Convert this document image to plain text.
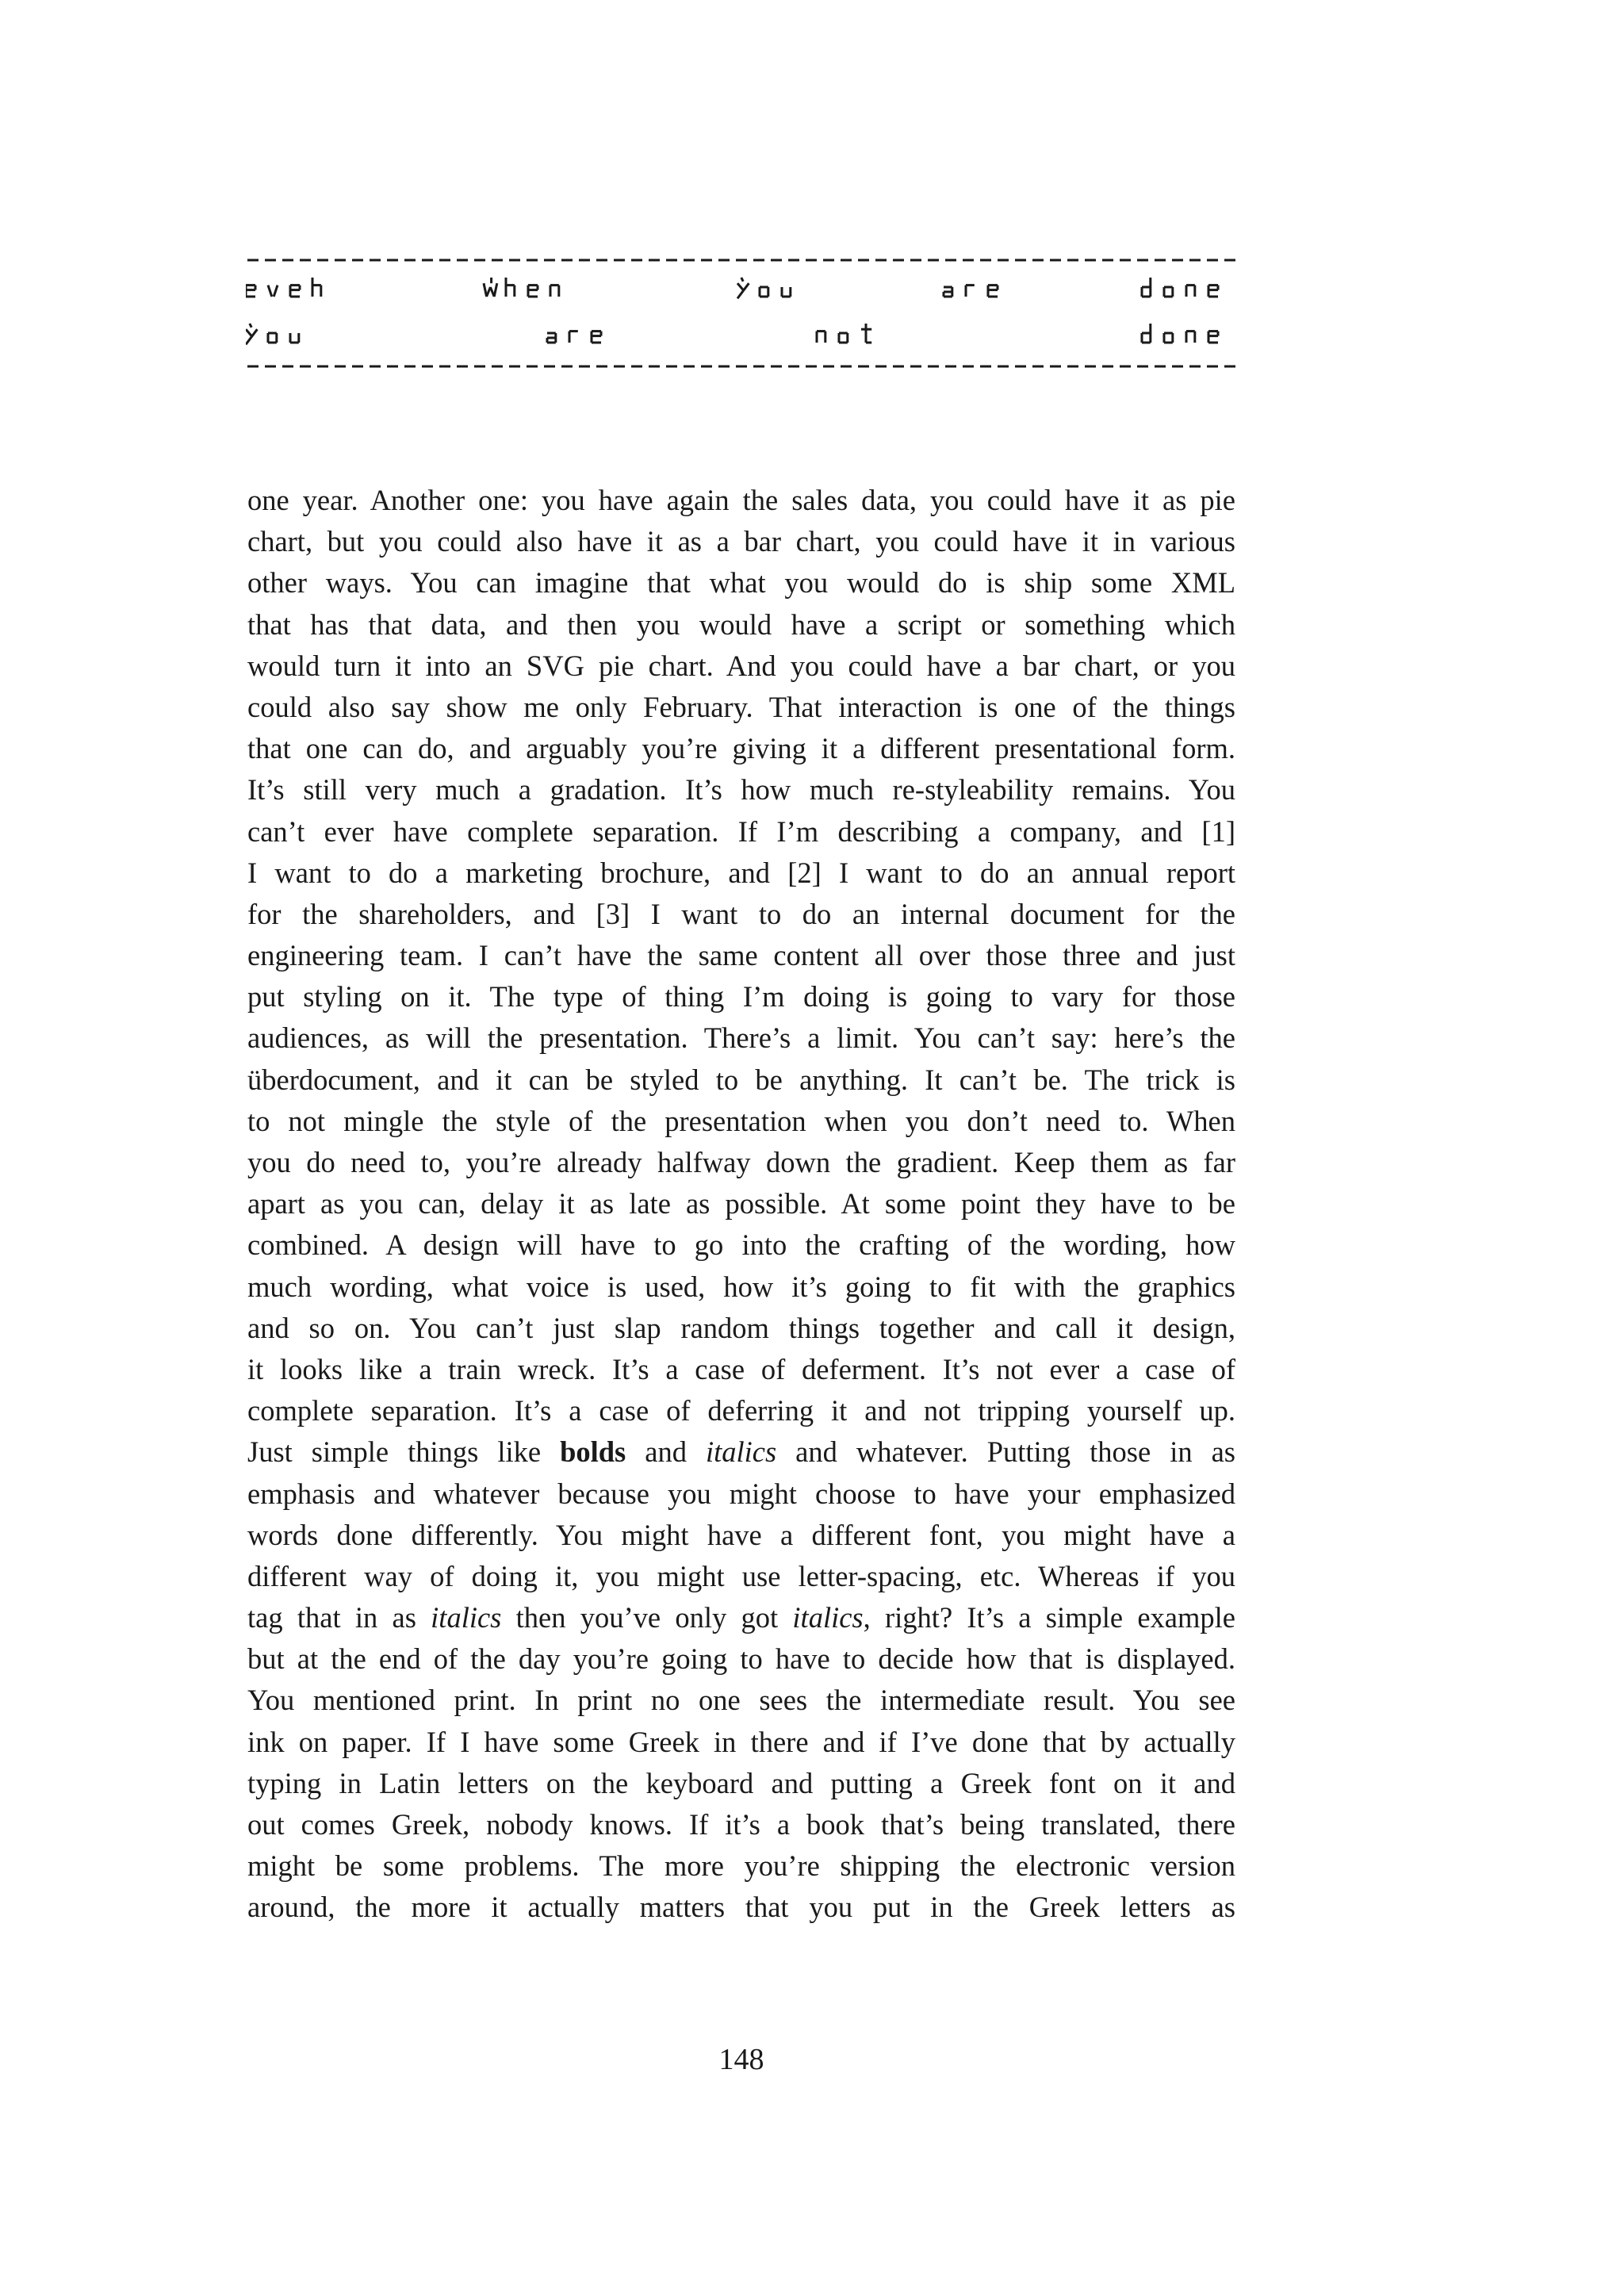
one year. Another one: you have again the sales data, you could have it as pie
chart, but you could also have it as a bar chart, you could have it in various
other ways. You can imagine that what you would do is ship some XML
that has that data, and then you would have a script or something which
would turn it into an SVG pie chart. And you could have a bar chart, or you
could also say show me only February. That interaction is one of the things
that one can do, and arguably you’re giving it a different presentational form.
It’s still very much a gradation. It’s how much re-styleability remains. You
can’t ever have complete separation. If I’m describing a company, and [1]
I want to do a marketing brochure, and [2] I want to do an annual report
for the shareholders, and [3] I want to do an internal document for the
engineering team. I can’t have the same content all over those three and just
put styling on it. The type of thing I’m doing is going to vary for those
audiences, as will the presentation. There’s a limit. You can’t say: here’s the
überdocument, and it can be styled to be anything. It can’t be. The trick is
to not mingle the style of the presentation when you don’t need to. When
you do need to, you’re already halfway down the gradient. Keep them as far
apart as you can, delay it as late as possible. At some point they have to be
combined. A design will have to go into the crafting of the wording, how
much wording, what voice is used, how it’s going to fit with the graphics
and so on. You can’t just slap random things together and call it design,
it looks like a train wreck. It’s a case of deferment. It’s not ever a case of
complete separation. It’s a case of deferring it and not tripping yourself up.
Just simple things like bolds and italics and whatever. Putting those in as
emphasis and whatever because you might choose to have your emphasized
words done differently. You might have a different font, you might have a
different way of doing it, you might use letter-spacing, etc. Whereas if you
tag that in as italics then you’ve only got italics, right? It’s a simple example
but at the end of the day you’re going to have to decide how that is displayed.
You mentioned print. In print no one sees the intermediate result. You see
ink on paper. If I have some Greek in there and if I’ve done that by actually
typing in Latin letters on the keyboard and putting a Greek font on it and
out comes Greek, nobody knows. If it’s a book that’s being translated, there
might be some problems. The more you’re shipping the electronic version
around, the more it actually matters that you put in the Greek letters as
148
